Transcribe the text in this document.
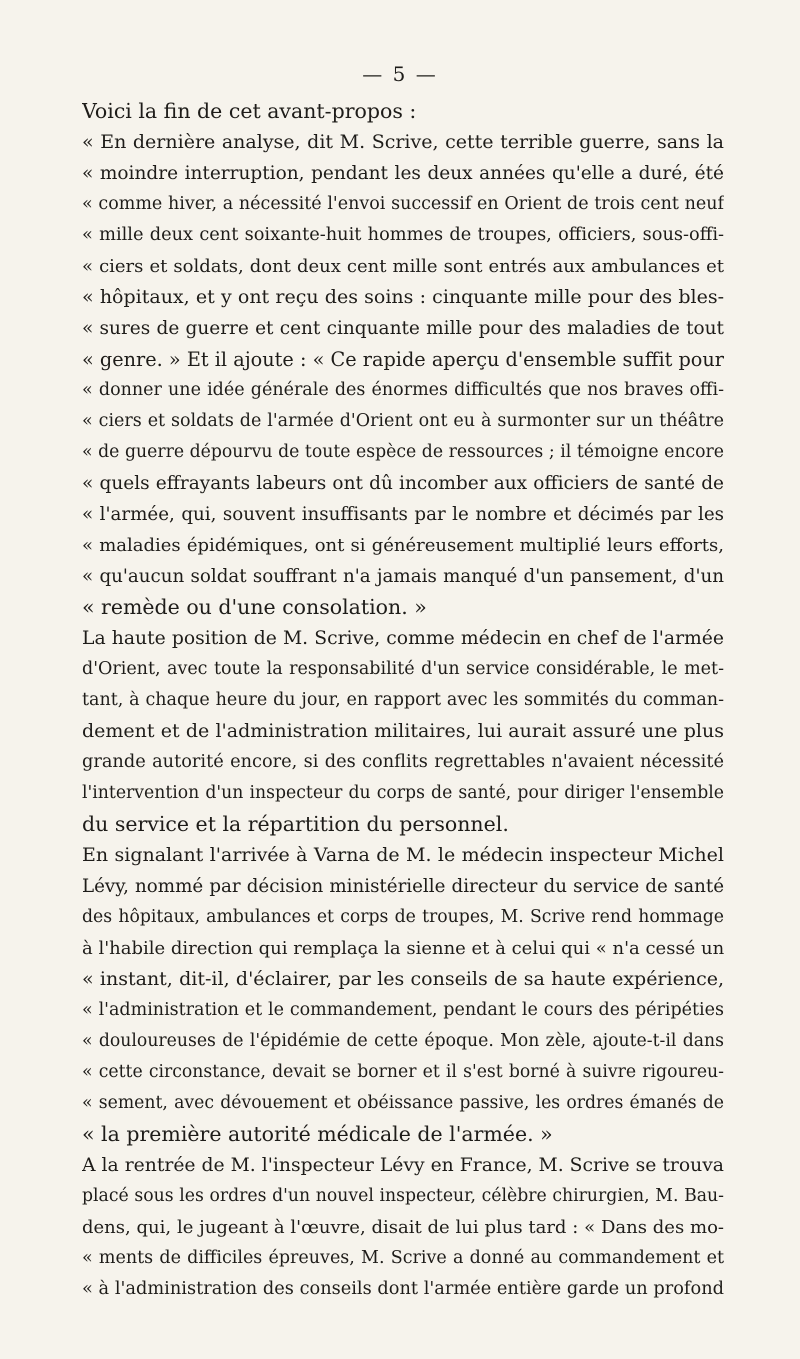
— 5 —
Voici la fin de cet avant-propos :
« En dernière analyse, dit M. Scrive, cette terrible guerre, sans la
« moindre interruption, pendant les deux années qu'elle a duré, été
« comme hiver, a nécessité l'envoi successif en Orient de trois cent neuf
« mille deux cent soixante-huit hommes de troupes, officiers, sous-offi-
« ciers et soldats, dont deux cent mille sont entrés aux ambulances et
« hôpitaux, et y ont reçu des soins : cinquante mille pour des bles-
« sures de guerre et cent cinquante mille pour des maladies de tout
« genre. » Et il ajoute : « Ce rapide aperçu d'ensemble suffit pour
« donner une idée générale des énormes difficultés que nos braves offi-
« ciers et soldats de l'armée d'Orient ont eu à surmonter sur un théâtre
« de guerre dépourvu de toute espèce de ressources ; il témoigne encore
« quels effrayants labeurs ont dû incomber aux officiers de santé de
« l'armée, qui, souvent insuffisants par le nombre et décimés par les
« maladies épidémiques, ont si généreusement multiplié leurs efforts,
« qu'aucun soldat souffrant n'a jamais manqué d'un pansement, d'un
« remède ou d'une consolation. »
La haute position de M. Scrive, comme médecin en chef de l'armée
d'Orient, avec toute la responsabilité d'un service considérable, le met-
tant, à chaque heure du jour, en rapport avec les sommités du comman-
dement et de l'administration militaires, lui aurait assuré une plus
grande autorité encore, si des conflits regrettables n'avaient nécessité
l'intervention d'un inspecteur du corps de santé, pour diriger l'ensemble
du service et la répartition du personnel.
En signalant l'arrivée à Varna de M. le médecin inspecteur Michel
Lévy, nommé par décision ministérielle directeur du service de santé
des hôpitaux, ambulances et corps de troupes, M. Scrive rend hommage
à l'habile direction qui remplaça la sienne et à celui qui « n'a cessé un
« instant, dit-il, d'éclairer, par les conseils de sa haute expérience,
« l'administration et le commandement, pendant le cours des péripéties
« douloureuses de l'épidémie de cette époque. Mon zèle, ajoute-t-il dans
« cette circonstance, devait se borner et il s'est borné à suivre rigoureu-
« sement, avec dévouement et obéissance passive, les ordres émanés de
« la première autorité médicale de l'armée. »
A la rentrée de M. l'inspecteur Lévy en France, M. Scrive se trouva
placé sous les ordres d'un nouvel inspecteur, célèbre chirurgien, M. Bau-
dens, qui, le jugeant à l'œuvre, disait de lui plus tard : « Dans des mo-
« ments de difficiles épreuves, M. Scrive a donné au commandement et
« à l'administration des conseils dont l'armée entière garde un profond
